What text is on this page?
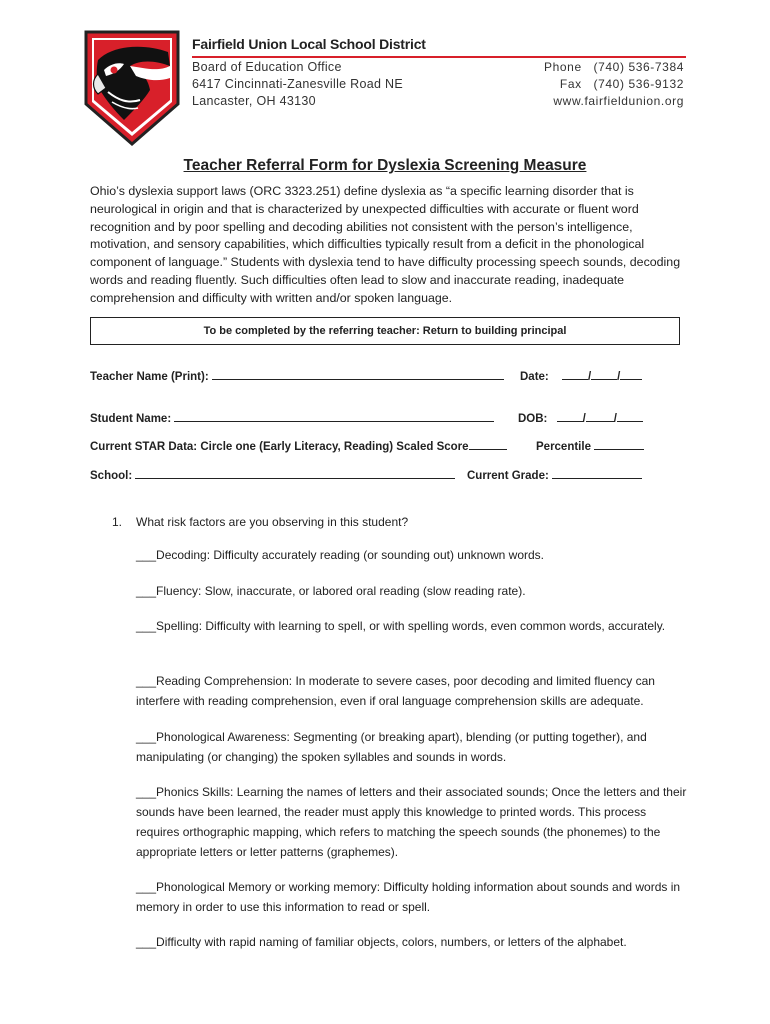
Fairfield Union Local School District
Board of Education Office
6417 Cincinnati-Zanesville Road NE
Lancaster, OH 43130
Phone   (740) 536-7384
Fax   (740) 536-9132
www.fairfieldunion.org
Teacher Referral Form for Dyslexia Screening Measure
Ohio’s dyslexia support laws (ORC 3323.251) define dyslexia as “a specific learning disorder that is neurological in origin and that is characterized by unexpected difficulties with accurate or fluent word recognition and by poor spelling and decoding abilities not consistent with the person’s intelligence, motivation, and sensory capabilities, which difficulties typically result from a deficit in the phonological component of language.” Students with dyslexia tend to have difficulty processing speech sounds, decoding words and reading fluently. Such difficulties often lead to slow and inaccurate reading, inadequate comprehension and difficulty with written and/or spoken language.
To be completed by the referring teacher: Return to building principal
Teacher Name (Print):	Date:	/ /
Student Name:	DOB:	/ /
Current STAR Data: Circle one (Early Literacy, Reading) Scaled Score	Percentile
School:	Current Grade:
1. What risk factors are you observing in this student?
___Decoding: Difficulty accurately reading (or sounding out) unknown words.
___Fluency: Slow, inaccurate, or labored oral reading (slow reading rate).
___Spelling: Difficulty with learning to spell, or with spelling words, even common words, accurately.
___Reading Comprehension: In moderate to severe cases, poor decoding and limited fluency can interfere with reading comprehension, even if oral language comprehension skills are adequate.
___Phonological Awareness: Segmenting (or breaking apart), blending (or putting together), and manipulating (or changing) the spoken syllables and sounds in words.
___Phonics Skills: Learning the names of letters and their associated sounds; Once the letters and their sounds have been learned, the reader must apply this knowledge to printed words. This process requires orthographic mapping, which refers to matching the speech sounds (the phonemes) to the appropriate letters or letter patterns (graphemes).
___Phonological Memory or working memory: Difficulty holding information about sounds and words in memory in order to use this information to read or spell.
___Difficulty with rapid naming of familiar objects, colors, numbers, or letters of the alphabet.
